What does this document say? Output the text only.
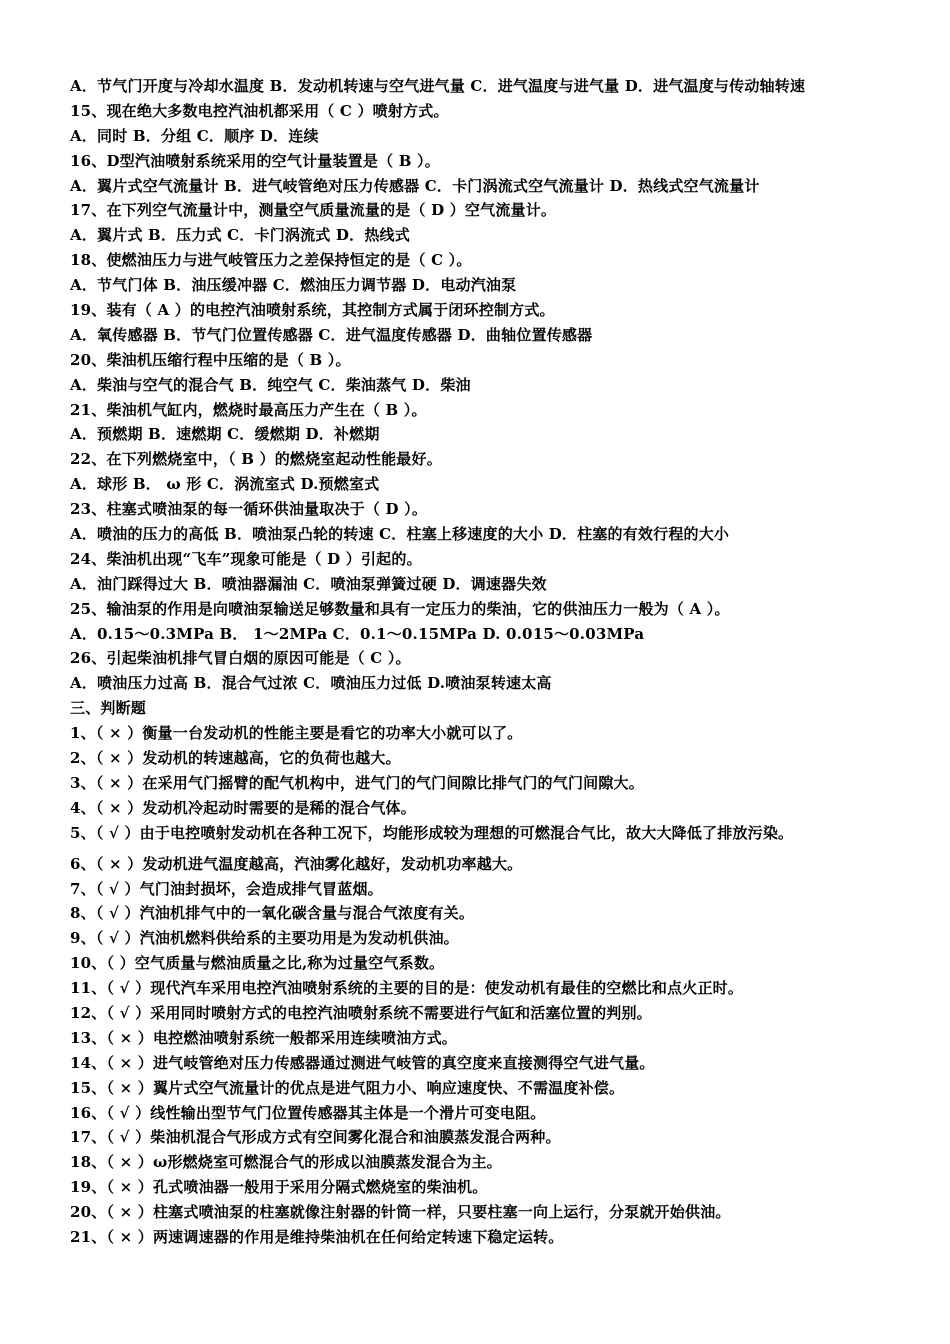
A．节气门开度与冷却水温度 B．发动机转速与空气进气量 C．进气温度与进气量 D．进气温度与传动轴转速
15、现在绝大多数电控汽油机都采用（ C ）喷射方式。
A．同时 B．分组 C．顺序 D．连续
16、D型汽油喷射系统采用的空气计量装置是（ B ）。
A．翼片式空气流量计 B．进气岐管绝对压力传感器 C．卡门涡流式空气流量计 D．热线式空气流量计
17、在下列空气流量计中，测量空气质量流量的是（ D ）空气流量计。
A．翼片式 B．压力式 C．卡门涡流式 D．热线式
18、使燃油压力与进气岐管压力之差保持恒定的是（ C ）。
A．节气门体 B．油压缓冲器 C．燃油压力调节器 D．电动汽油泵
19、装有（ A ）的电控汽油喷射系统，其控制方式属于闭环控制方式。
A．氧传感器 B．节气门位置传感器 C．进气温度传感器 D．曲轴位置传感器
20、柴油机压缩行程中压缩的是（ B ）。
A．柴油与空气的混合气 B．纯空气 C．柴油蒸气 D．柴油
21、柴油机气缸内，燃烧时最高压力产生在（ B ）。
A．预燃期 B．速燃期 C．缓燃期 D．补燃期
22、在下列燃烧室中，（ B ）的燃烧室起动性能最好。
A．球形 B． ω 形 C．涡流室式 D.预燃室式
23、柱塞式喷油泵的每一循环供油量取决于（ D ）。
A．喷油的压力的高低 B．喷油泵凸轮的转速 C．柱塞上移速度的大小 D．柱塞的有效行程的大小
24、柴油机出现“飞车”现象可能是（ D ）引起的。
A．油门踩得过大 B．喷油器漏油 C．喷油泵弹簧过硬 D．调速器失效
25、输油泵的作用是向喷油泵输送足够数量和具有一定压力的柴油，它的供油压力一般为（ A ）。
A．0.15～0.3MPa B． 1～2MPa C．0.1～0.15MPa D. 0.015～0.03MPa
26、引起柴油机排气冒白烟的原因可能是（ C ）。
A．喷油压力过高 B．混合气过浓 C．喷油压力过低 D.喷油泵转速太高
三、判断题
1、（ × ）衡量一台发动机的性能主要是看它的功率大小就可以了。
2、（ × ）发动机的转速越高，它的负荷也越大。
3、（ × ）在采用气门摇臂的配气机构中，进气门的气门间隙比排气门的气门间隙大。
4、（ × ）发动机冷起动时需要的是稀的混合气体。
5、（ √ ）由于电控喷射发动机在各种工况下，均能形成较为理想的可燃混合气比，故大大降低了排放污染。
6、（ × ）发动机进气温度越高，汽油雾化越好，发动机功率越大。
7、（ √ ）气门油封损坏，会造成排气冒蓝烟。
8、（ √ ）汽油机排气中的一氧化碳含量与混合气浓度有关。
9、（ √ ）汽油机燃料供给系的主要功用是为发动机供油。
10、（ ）空气质量与燃油质量之比,称为过量空气系数。
11、（ √ ）现代汽车采用电控汽油喷射系统的主要的目的是：使发动机有最佳的空燃比和点火正时。
12、（ √ ）采用同时喷射方式的电控汽油喷射系统不需要进行气缸和活塞位置的判别。
13、（ × ）电控燃油喷射系统一般都采用连续喷油方式。
14、（ × ）进气岐管绝对压力传感器通过测进气岐管的真空度来直接测得空气进气量。
15、（ × ）翼片式空气流量计的优点是进气阻力小、响应速度快、不需温度补偿。
16、（ √ ）线性输出型节气门位置传感器其主体是一个滑片可变电阻。
17、（ √ ）柴油机混合气形成方式有空间雾化混合和油膜蒸发混合两种。
18、（ × ）ω形燃烧室可燃混合气的形成以油膜蒸发混合为主。
19、（ × ）孔式喷油器一般用于采用分隔式燃烧室的柴油机。
20、（ × ）柱塞式喷油泵的柱塞就像注射器的针筒一样，只要柱塞一向上运行，分泵就开始供油。
21、（ × ）两速调速器的作用是维持柴油机在任何给定转速下稳定运转。
